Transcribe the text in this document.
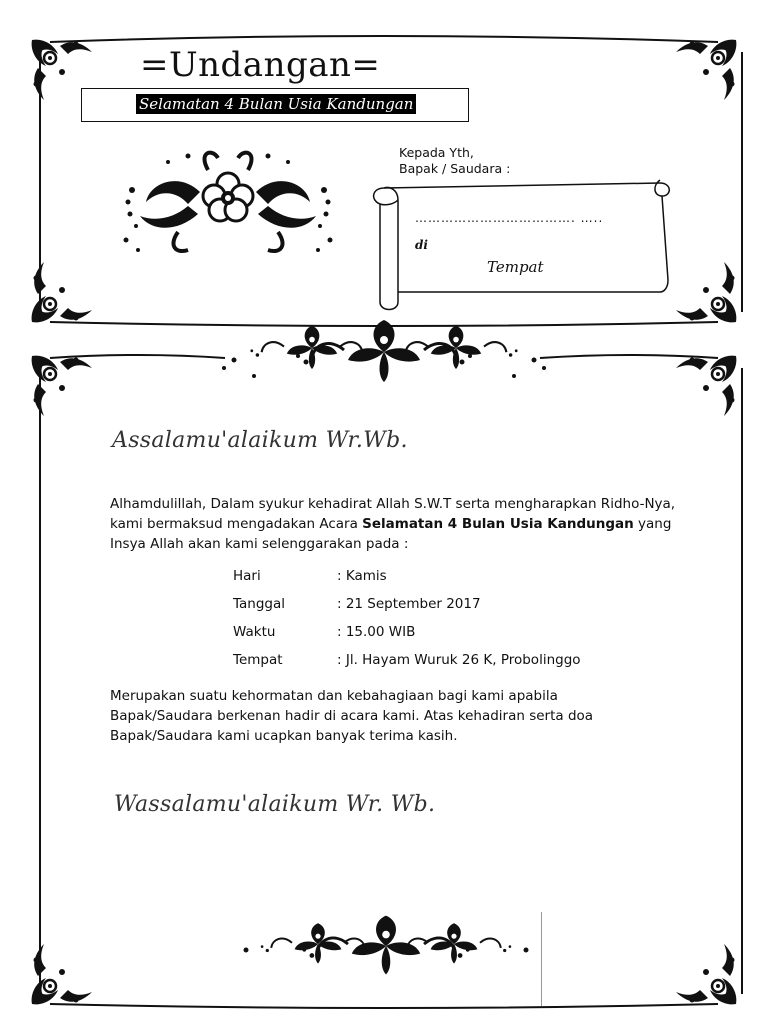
=Undangan=
Selamatan 4 Bulan Usia Kandungan
Kepada Yth,
Bapak / Saudara :
………………………………. …..
di
Tempat
Assalamu'alaikum Wr.Wb.
Alhamdulillah, Dalam syukur kehadirat Allah S.W.T serta mengharapkan Ridho-Nya, kami bermaksud mengadakan Acara Selamatan 4 Bulan Usia Kandungan yang Insya Allah akan kami selenggarakan pada :
Hari	: Kamis
Tanggal	: 21 September 2017
Waktu	: 15.00 WIB
Tempat	: Jl. Hayam Wuruk 26 K, Probolinggo
Merupakan suatu kehormatan dan kebahagiaan bagi kami apabila Bapak/Saudara berkenan hadir di acara kami. Atas kehadiran serta doa Bapak/Saudara kami ucapkan banyak terima kasih.
Wassalamu'alaikum Wr. Wb.
